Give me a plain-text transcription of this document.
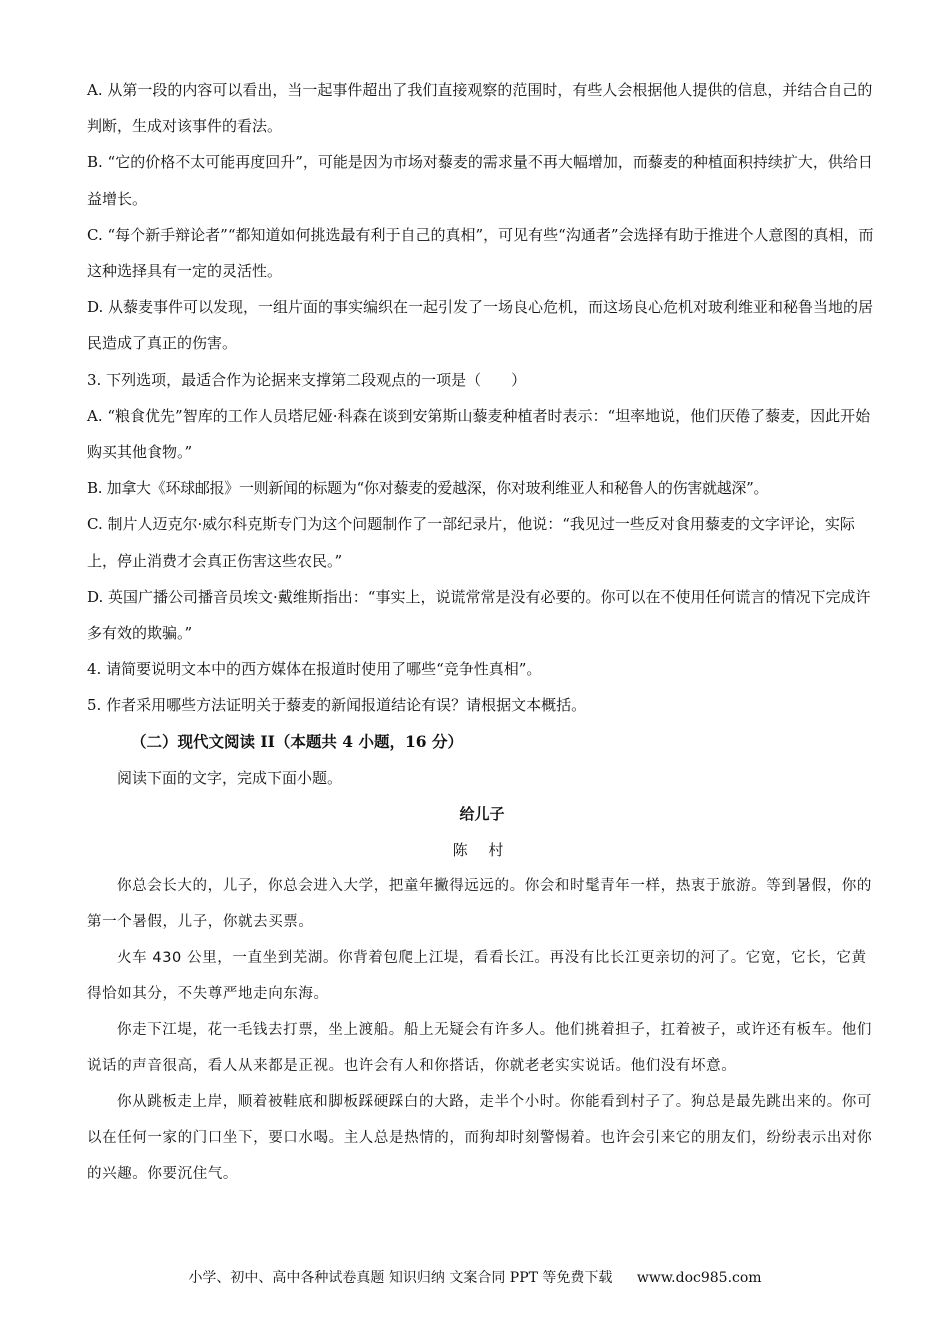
A. 从第一段的内容可以看出，当一起事件超出了我们直接观察的范围时，有些人会根据他人提供的信息，并结合自己的判断，生成对该事件的看法。

B. “它的价格不太可能再度回升”，可能是因为市场对藜麦的需求量不再大幅增加，而藜麦的种植面积持续扩大，供给日益增长。

C. “每个新手辩论者”“都知道如何挑选最有利于自己的真相”，可见有些“沟通者”会选择有助于推进个人意图的真相，而这种选择具有一定的灵活性。

D. 从藜麦事件可以发现，一组片面的事实编织在一起引发了一场良心危机，而这场良心危机对玻利维亚和秘鲁当地的居民造成了真正的伤害。

3. 下列选项，最适合作为论据来支撑第二段观点的一项是（　　）

A. “粮食优先”智库的工作人员塔尼娅·科森在谈到安第斯山藜麦种植者时表示：“坦率地说，他们厌倦了藜麦，因此开始购买其他食物。”

B. 加拿大《环球邮报》一则新闻的标题为“你对藜麦的爱越深，你对玻利维亚人和秘鲁人的伤害就越深”。

C. 制片人迈克尔·威尔科克斯专门为这个问题制作了一部纪录片，他说：“我见过一些反对食用藜麦的文字评论，实际上，停止消费才会真正伤害这些农民。”

D. 英国广播公司播音员埃文·戴维斯指出：“事实上，说谎常常是没有必要的。你可以在不使用任何谎言的情况下完成许多有效的欺骗。”

4. 请简要说明文本中的西方媒体在报道时使用了哪些“竞争性真相”。

5. 作者采用哪些方法证明关于藜麦的新闻报道结论有误？请根据文本概括。

（二）现代文阅读 II（本题共 4 小题，16 分）

阅读下面的文字，完成下面小题。

给儿子

陈 村

你总会长大的，儿子，你总会进入大学，把童年撇得远远的。你会和时髦青年一样，热衷于旅游。等到暑假，你的第一个暑假，儿子，你就去买票。

火车 430 公里，一直坐到芜湖。你背着包爬上江堤，看看长江。再没有比长江更亲切的河了。它宽，它长，它黄得恰如其分，不失尊严地走向东海。

你走下江堤，花一毛钱去打票，坐上渡船。船上无疑会有许多人。他们挑着担子，扛着被子，或许还有板车。他们说话的声音很高，看人从来都是正视。也许会有人和你搭话，你就老老实实说话。他们没有坏意。

你从跳板走上岸，顺着被鞋底和脚板踩硬踩白的大路，走半个小时。你能看到村子了。狗总是最先跳出来的。你可以在任何一家的门口坐下，要口水喝。主人总是热情的，而狗却时刻警惕着。也许会引来它的朋友们，纷纷表示出对你的兴趣。你要沉住气。

小学、初中、高中各种试卷真题 知识归纳 文案合同 PPT 等免费下载 www.doc985.com
